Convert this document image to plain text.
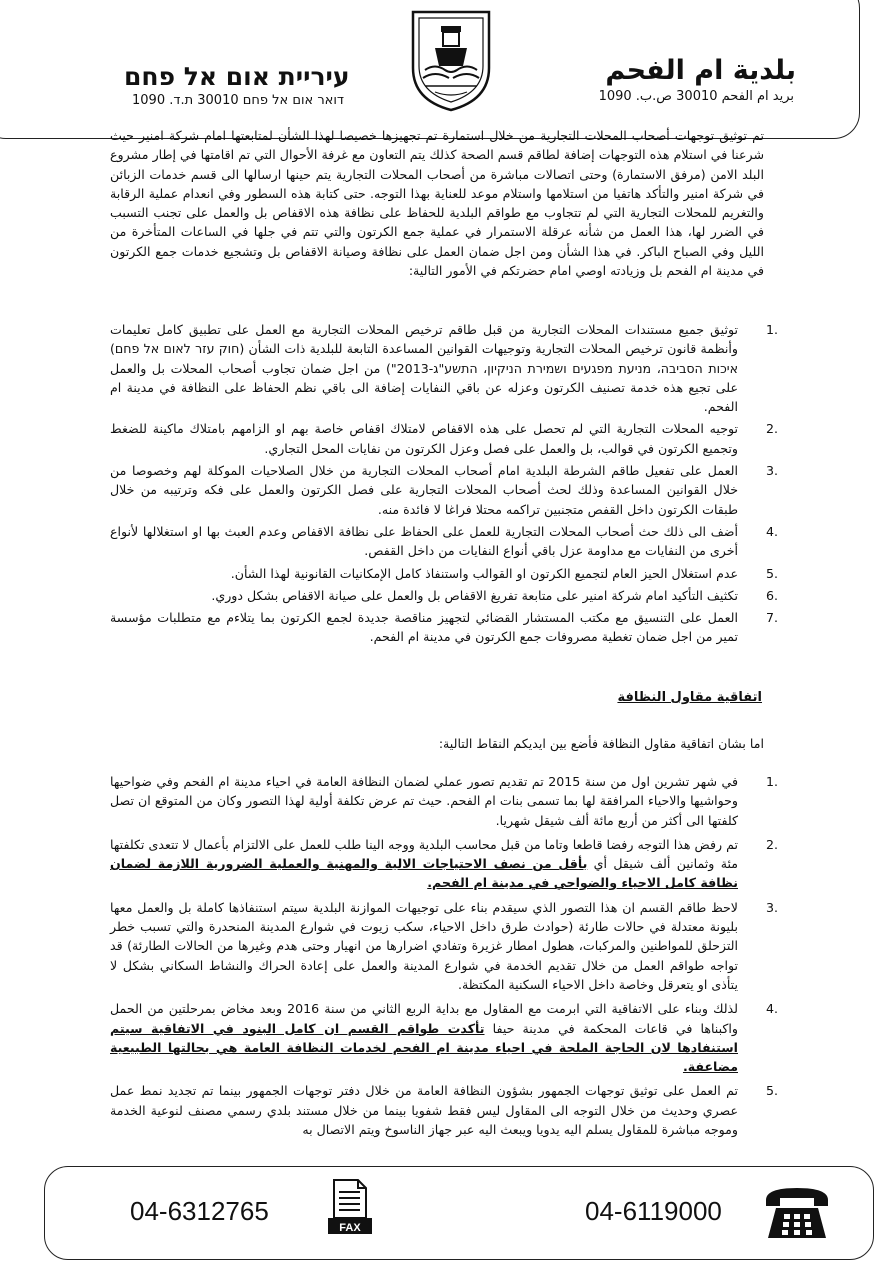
بلدية ام الفحم
بريد ام الفحم 30010 ص.ب. 1090
עיריית אום אל פחם
דואר אום אל פחם 30010 ת.ד. 1090
تم توثيق توجهات أصحاب المحلات التجارية من خلال استمارة تم تجهيزها خصيصا لهذا الشأن لمتابعتها امام شركة امنير حيث شرعنا في استلام هذه التوجهات إضافة لطاقم قسم الصحة كذلك يتم التعاون مع غرفة الأحوال التي تم اقامتها في إطار مشروع البلد الامن (مرفق الاستمارة) وحتى اتصالات مباشرة من أصحاب المحلات التجارية يتم حينها ارسالها الى قسم خدمات الزبائن في شركة امنير والتأكد هاتفيا من استلامها واستلام موعد للعناية بهذا التوجه. حتى كتابة هذه السطور وفي انعدام عملية الرقابة والتغريم للمحلات التجارية التي لم تتجاوب مع طواقم البلدية للحفاظ على نظافة هذه الاقفاص بل والعمل على تجنب التسبب في الضرر لها، هذا العمل من شأنه عرقلة الاستمرار في عملية جمع الكرتون والتي تتم في جلها في الساعات المتأخرة من الليل وفي الصباح الباكر. في هذا الشأن ومن اجل ضمان العمل على نظافة وصيانة الاقفاص بل وتشجيع خدمات جمع الكرتون في مدينة ام الفحم بل وزيادته اوصي امام حضرتكم في الأمور التالية:
1.
توثيق جميع مستندات المحلات التجارية من قبل طاقم ترخيص المحلات التجارية مع العمل على تطبيق كامل تعليمات وأنظمة قانون ترخيص المحلات التجارية وتوجيهات القوانين المساعدة التابعة للبلدية ذات الشأن (חוק עזר לאום אל פחם) איכות הסביבה، מניעת מפגעים ושמירת הניקיון، התשע"ג-2013") من اجل ضمان تجاوب أصحاب المحلات بل والعمل على تجيع هذه خدمة تصنيف الكرتون وعزله عن باقي النفايات إضافة الى باقي نظم الحفاظ على النظافة في مدينة ام الفحم.
2.
توجيه المحلات التجارية التي لم تحصل على هذه الاقفاص لامتلاك اقفاص خاصة بهم او الزامهم بامتلاك ماكينة للضغط وتجميع الكرتون في قوالب، بل والعمل على فصل وعزل الكرتون من نفايات المحل التجاري.
3.
العمل على تفعيل طاقم الشرطة البلدية امام أصحاب المحلات التجارية من خلال الصلاحيات الموكلة لهم وخصوصا من خلال القوانين المساعدة وذلك لحث أصحاب المحلات التجارية على فصل الكرتون والعمل على فكه وترتيبه من خلال طبقات الكرتون داخل القفص متجنبين تراكمه محتلا فراغا لا فائدة منه.
4.
أضف الى ذلك حث أصحاب المحلات التجارية للعمل على الحفاظ على نظافة الاقفاص وعدم العبث بها او استغلالها لأنواع أخرى من النفايات مع مداومة عزل باقي أنواع النفايات من داخل القفص.
5.
عدم استغلال الحيز العام لتجميع الكرتون او القوالب واستنفاذ كامل الإمكانيات القانونية لهذا الشأن.
6.
تكثيف التأكيد امام شركة امنير على متابعة تفريغ الاقفاص بل والعمل على صيانة الاقفاص بشكل دوري.
7.
العمل على التنسيق مع مكتب المستشار القضائي لتجهيز مناقصة جديدة لجمع الكرتون بما يتلاءم مع متطلبات مؤسسة تمير من اجل ضمان تغطية مصروفات جمع الكرتون في مدينة ام الفحم.
اتفاقية مقاول النظافة
اما بشان اتفاقية مقاول النظافة فأضع بين ايديكم النقاط التالية:
1.
في شهر تشرين اول من سنة 2015 تم تقديم تصور عملي لضمان النظافة العامة في احياء مدينة ام الفحم وفي ضواحيها وحواشيها والاحياء المرافقة لها بما تسمى بنات ام الفحم. حيث تم عرض تكلفة أولية لهذا التصور وكان من المتوقع ان تصل كلفتها الى أكثر من أربع مائة ألف شيقل شهريا.
2.
تم رفض هذا التوجه رفضا قاطعا وتاما من قبل محاسب البلدية ووجه الينا طلب للعمل على الالتزام بأعمال لا تتعدى تكلفتها مئة وثمانين ألف شيقل أي بأقل من نصف الاحتياجات الالية والمهنية والعملية الضرورية اللازمة لضمان نظافة كامل الاحياء والضواحي في مدينة ام الفحم.
3.
لاحظ طاقم القسم ان هذا التصور الذي سيقدم بناء على توجيهات الموازنة البلدية سيتم استنفاذها كاملة بل والعمل معها بليونة معتدلة في حالات طارئة (حوادث طرق داخل الاحياء، سكب زيوت في شوارع المدينة المنحدرة والتي تسبب خطر التزحلق للمواطنين والمركبات، هطول امطار غزيرة وتفادي اضرارها من انهيار وحتى هدم وغيرها من الحالات الطارئة) قد تواجه طواقم العمل من خلال تقديم الخدمة في شوارع المدينة والعمل على إعادة الحراك والنشاط السكاني بشكل لا يتأذى او يتعرقل وخاصة داخل الاحياء السكنية المكتظة.
4.
لذلك وبناء على الاتفاقية التي ابرمت مع المقاول مع بداية الربع الثاني من سنة 2016 وبعد مخاض بمرحلتين من الحمل واكبناها في قاعات المحكمة في مدينة حيفا تأكدت طواقم القسم ان كامل البنود في الاتفاقية سيتم استنفادها لان الحاجة الملحة في احياء مدينة ام الفحم لخدمات النظافة العامة هي بحالتها الطبيعية مضاعفة.
5.
تم العمل على توثيق توجهات الجمهور بشؤون النظافة العامة من خلال دفتر توجهات الجمهور بينما تم تجديد نمط عمل عصري وحديث من خلال التوجه الى المقاول ليس فقط شفويا بينما من خلال مستند بلدي رسمي مصنف لنوعية الخدمة وموجه مباشرة للمقاول يسلم اليه يدويا ويبعث اليه عبر جهاز الناسوخ ويتم الاتصال به
04-6312765	04-6119000
FAX
